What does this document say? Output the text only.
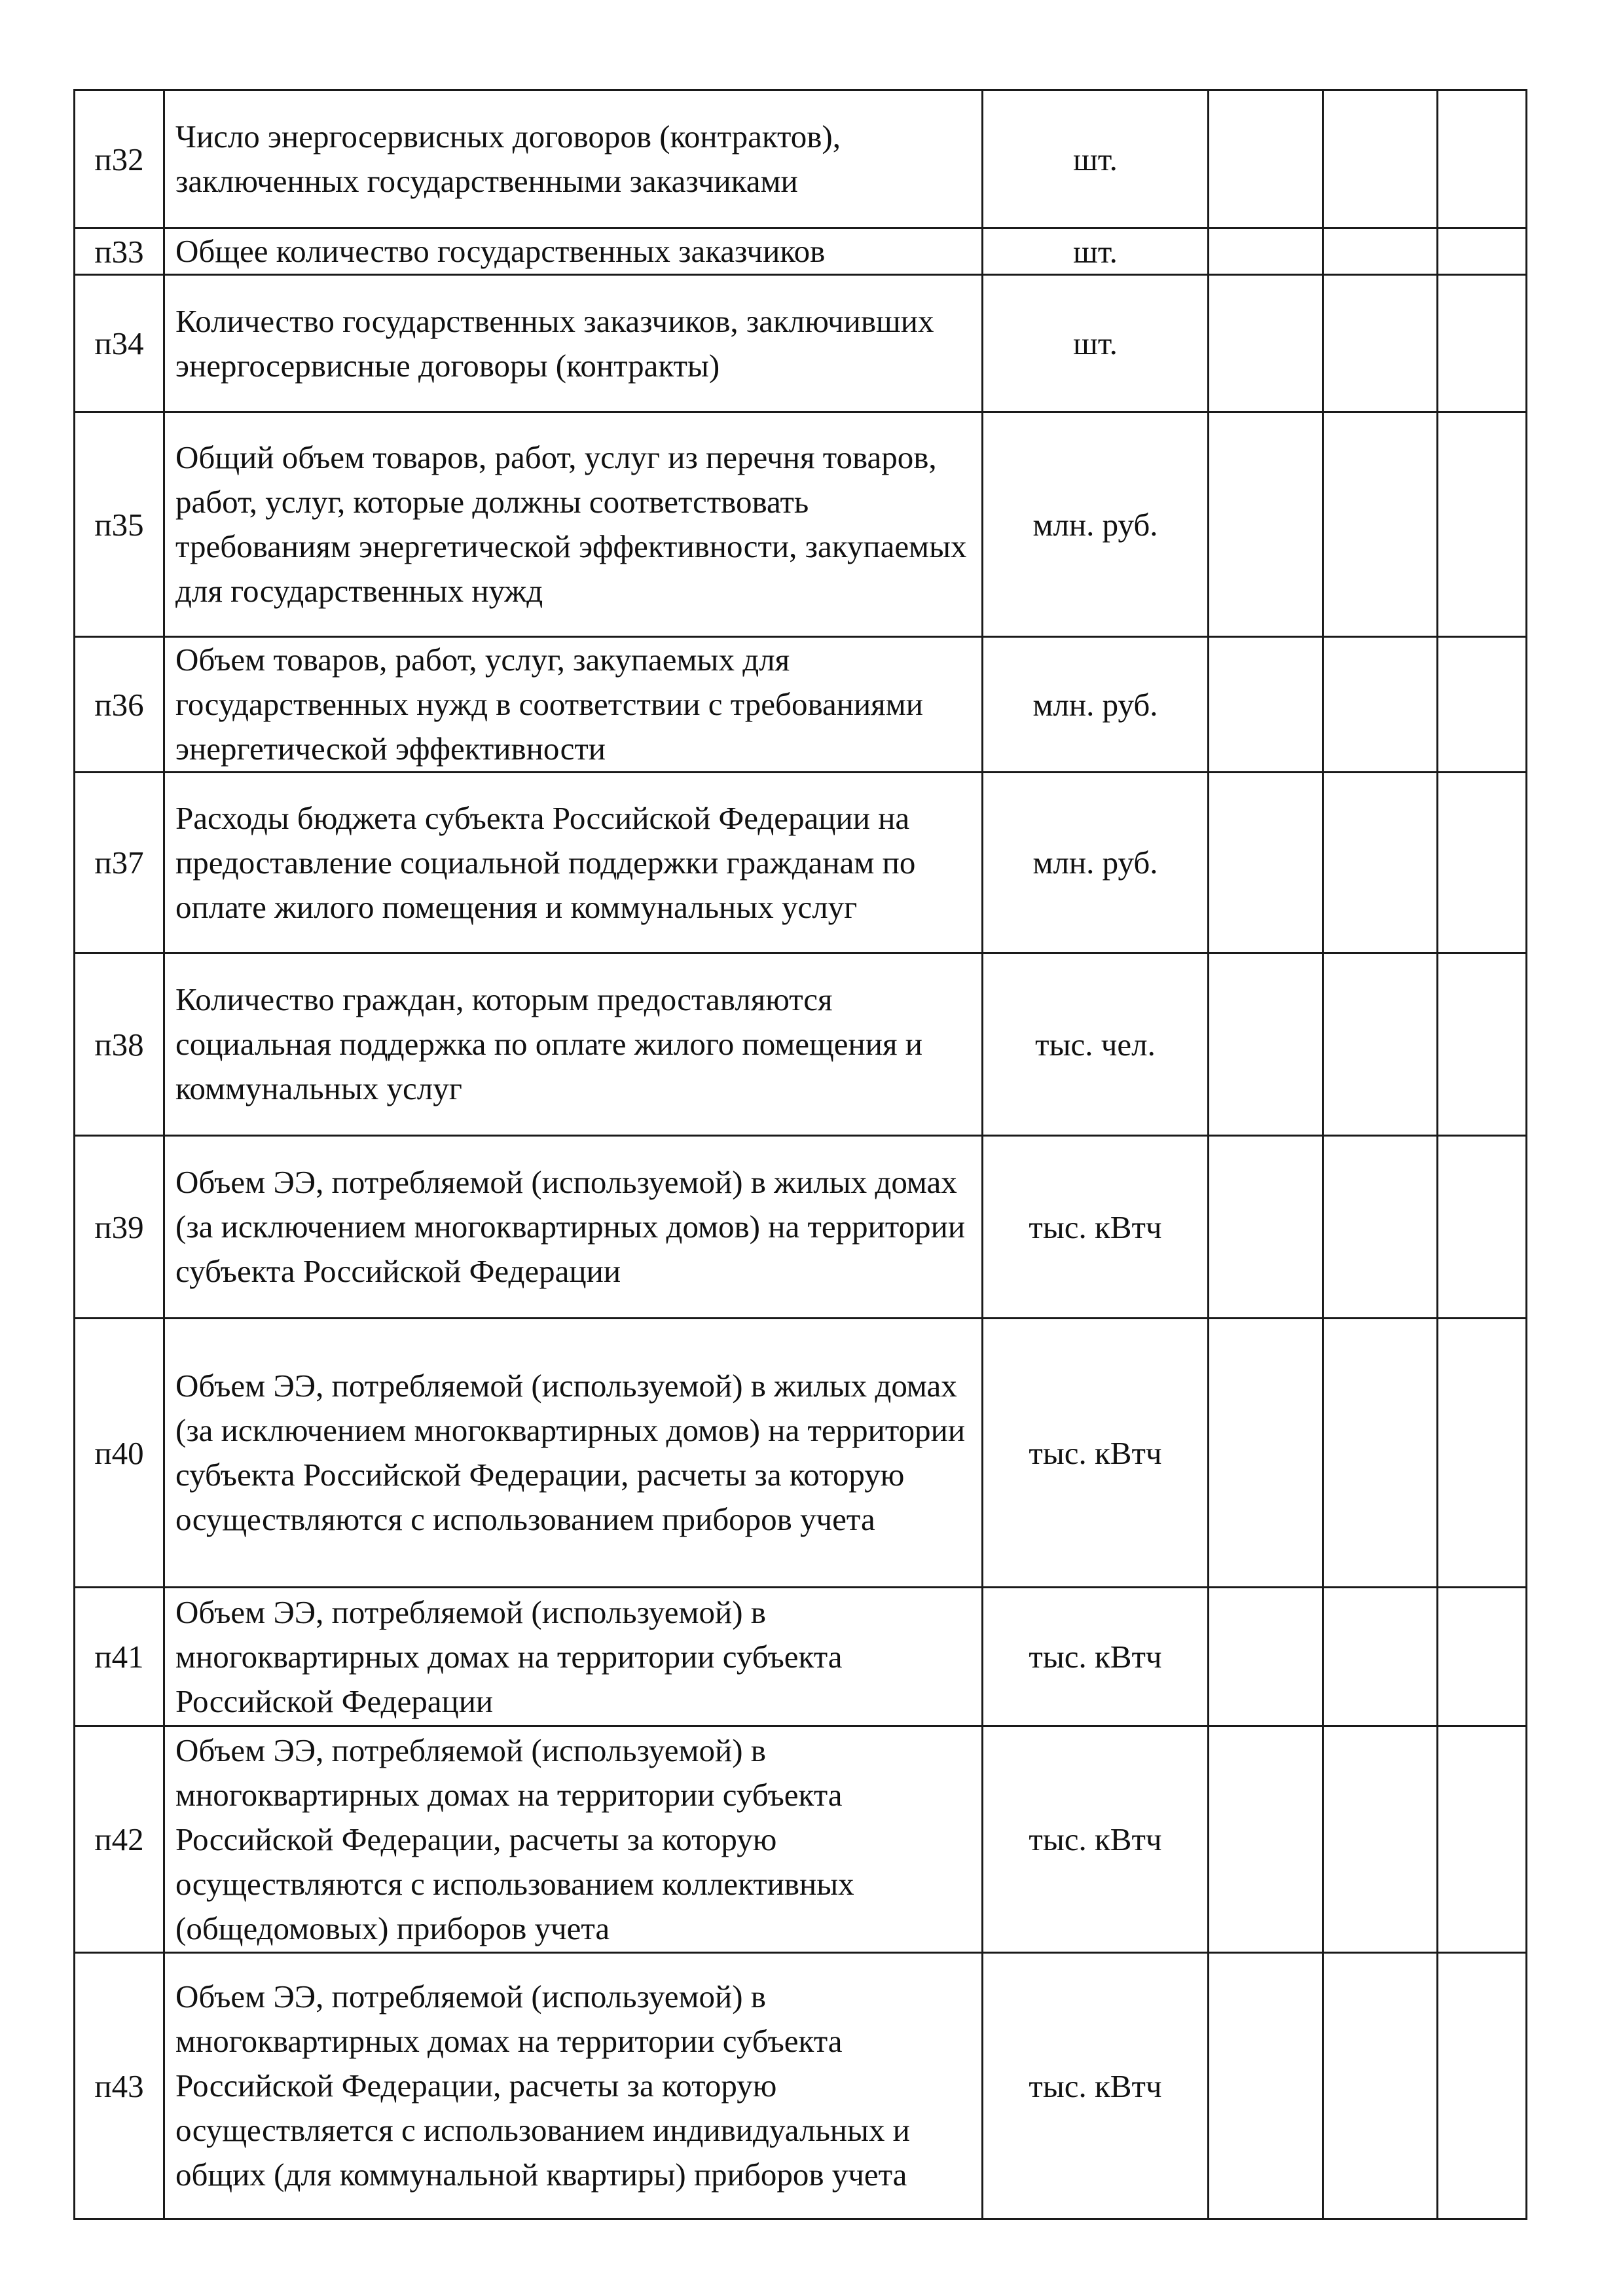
п32	Число энергосервисных договоров (контрактов), заключенных государственными заказчиками	шт.			
п33	Общее количество государственных заказчиков	шт.			
п34	Количество государственных заказчиков, заключивших энергосервисные договоры (контракты)	шт.			
п35	Общий объем товаров, работ, услуг из перечня товаров, работ, услуг, которые должны соответствовать требованиям энергетической эффективности, закупаемых для государственных нужд	млн. руб.			
п36	Объем товаров, работ, услуг, закупаемых для государственных нужд в соответствии с требованиями энергетической эффективности	млн. руб.			
п37	Расходы бюджета субъекта Российской Федерации на предоставление социальной поддержки гражданам по оплате жилого помещения и коммунальных услуг	млн. руб.			
п38	Количество граждан, которым предоставляются социальная поддержка по оплате жилого помещения и коммунальных услуг	тыс. чел.			
п39	Объем ЭЭ, потребляемой (используемой) в жилых домах (за исключением многоквартирных домов) на территории субъекта Российской Федерации	тыс. кВтч			
п40	Объем ЭЭ, потребляемой (используемой) в жилых домах (за исключением многоквартирных домов) на территории субъекта Российской Федерации, расчеты за которую осуществляются с использованием приборов учета	тыс. кВтч			
п41	Объем ЭЭ, потребляемой (используемой) в многоквартирных домах на территории субъекта Российской Федерации	тыс. кВтч			
п42	Объем ЭЭ, потребляемой (используемой) в многоквартирных домах на территории субъекта Российской Федерации, расчеты за которую осуществляются с использованием коллективных (общедомовых) приборов учета	тыс. кВтч			
п43	Объем ЭЭ, потребляемой (используемой) в многоквартирных домах на территории субъекта Российской Федерации, расчеты за которую осуществляется с использованием индивидуальных и общих (для коммунальной квартиры) приборов учета	тыс. кВтч			
